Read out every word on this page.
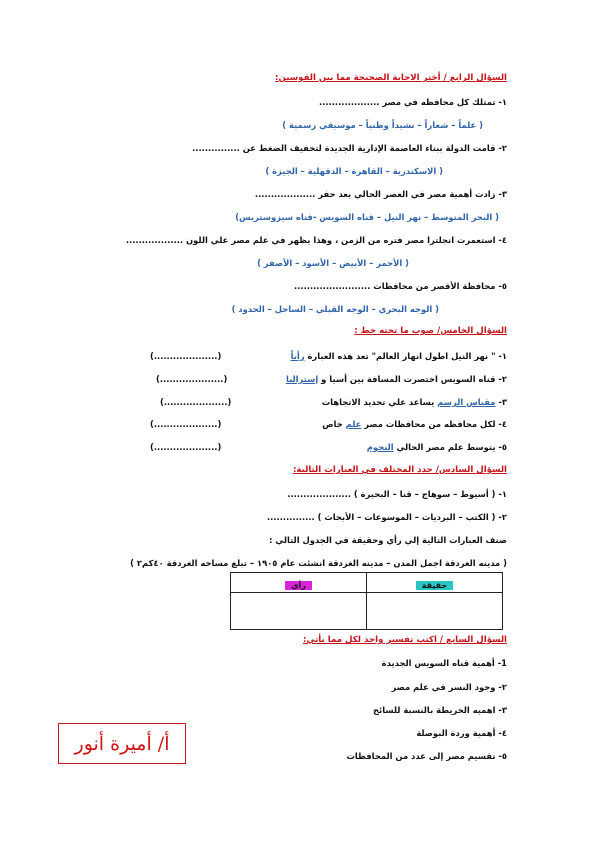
السؤال الرابع / أختر الاجابة الصحيحة مما بين القوسين:
١- تمتلك كل محافظه في مصر ...................
( علماً – شعاراً – نشيداً وطنياً – موسيقي رسمية )
٢- قامت الدولة ببناء العاصمة الإدارية الجديدة لتخفيف الضغط عن ...............
( الاسكندرية – القاهرة – الدقهلية – الجيزة )
٣- زادت أهمية مصر في العصر الحالي بعد حفر ...................
( البحر المتوسط – نهر النيل – قناه السويس -قناه سيزوستريس)
٤- استعمرت انجلترا مصر فتره من الزمن ، وهذا يظهر في علم مصر علي اللون ..................
( الأحمر – الأبيض – الأسود – الأصفر )
٥- محافظة الأقصر من محافظات ........................
( الوجه البحري – الوجه القبلي – الساحل – الحدود )
السؤال الخامس/ صوب ما تحته خط :
١- " نهر النيل اطول انهار العالم" تعد هذه العبارة رأياً
(....................)
٢- قناه السويس اختصرت المسافة بين أسيا و إستراليا
(....................)
٣- مقياس الرسم يساعد علي تحديد الاتجاهات
(....................)
٤- لكل محافظه من محافظات مصر علم خاص
(....................)
٥- يتوسط علم مصر الحالي النجوم
(....................)
السؤال السادس/ حدد المختلف في العبارات التالية:
١- ( أسيوط – سوهاج – قنا – البحيرة ) ....................
٢- ( الكتب – البرديات – الموسوعات – الأبحاث ) ...............
صنف العبارات التالية إلي رأي وحقيقة في الجدول التالي :
( مدينه الغردقة اجمل المدن – مدينه الغردقة انشئت عام ١٩٠٥ – تبلغ مساحه الغردقة ٤٠كم٢ )
حقيقة	رأي

السؤال السابع / اكتب تفسير واحد لكل مما يأتي:
1- أهمية قناه السويس الجديدة
٢- وجود النسر في علم مصر
٣- اهميه الخريطة بالنسبة للسائح
٤- أهمية وردة البوصلة
٥- تقسيم مصر إلى عدد من المحافظات
أ/ أميرة أنور
